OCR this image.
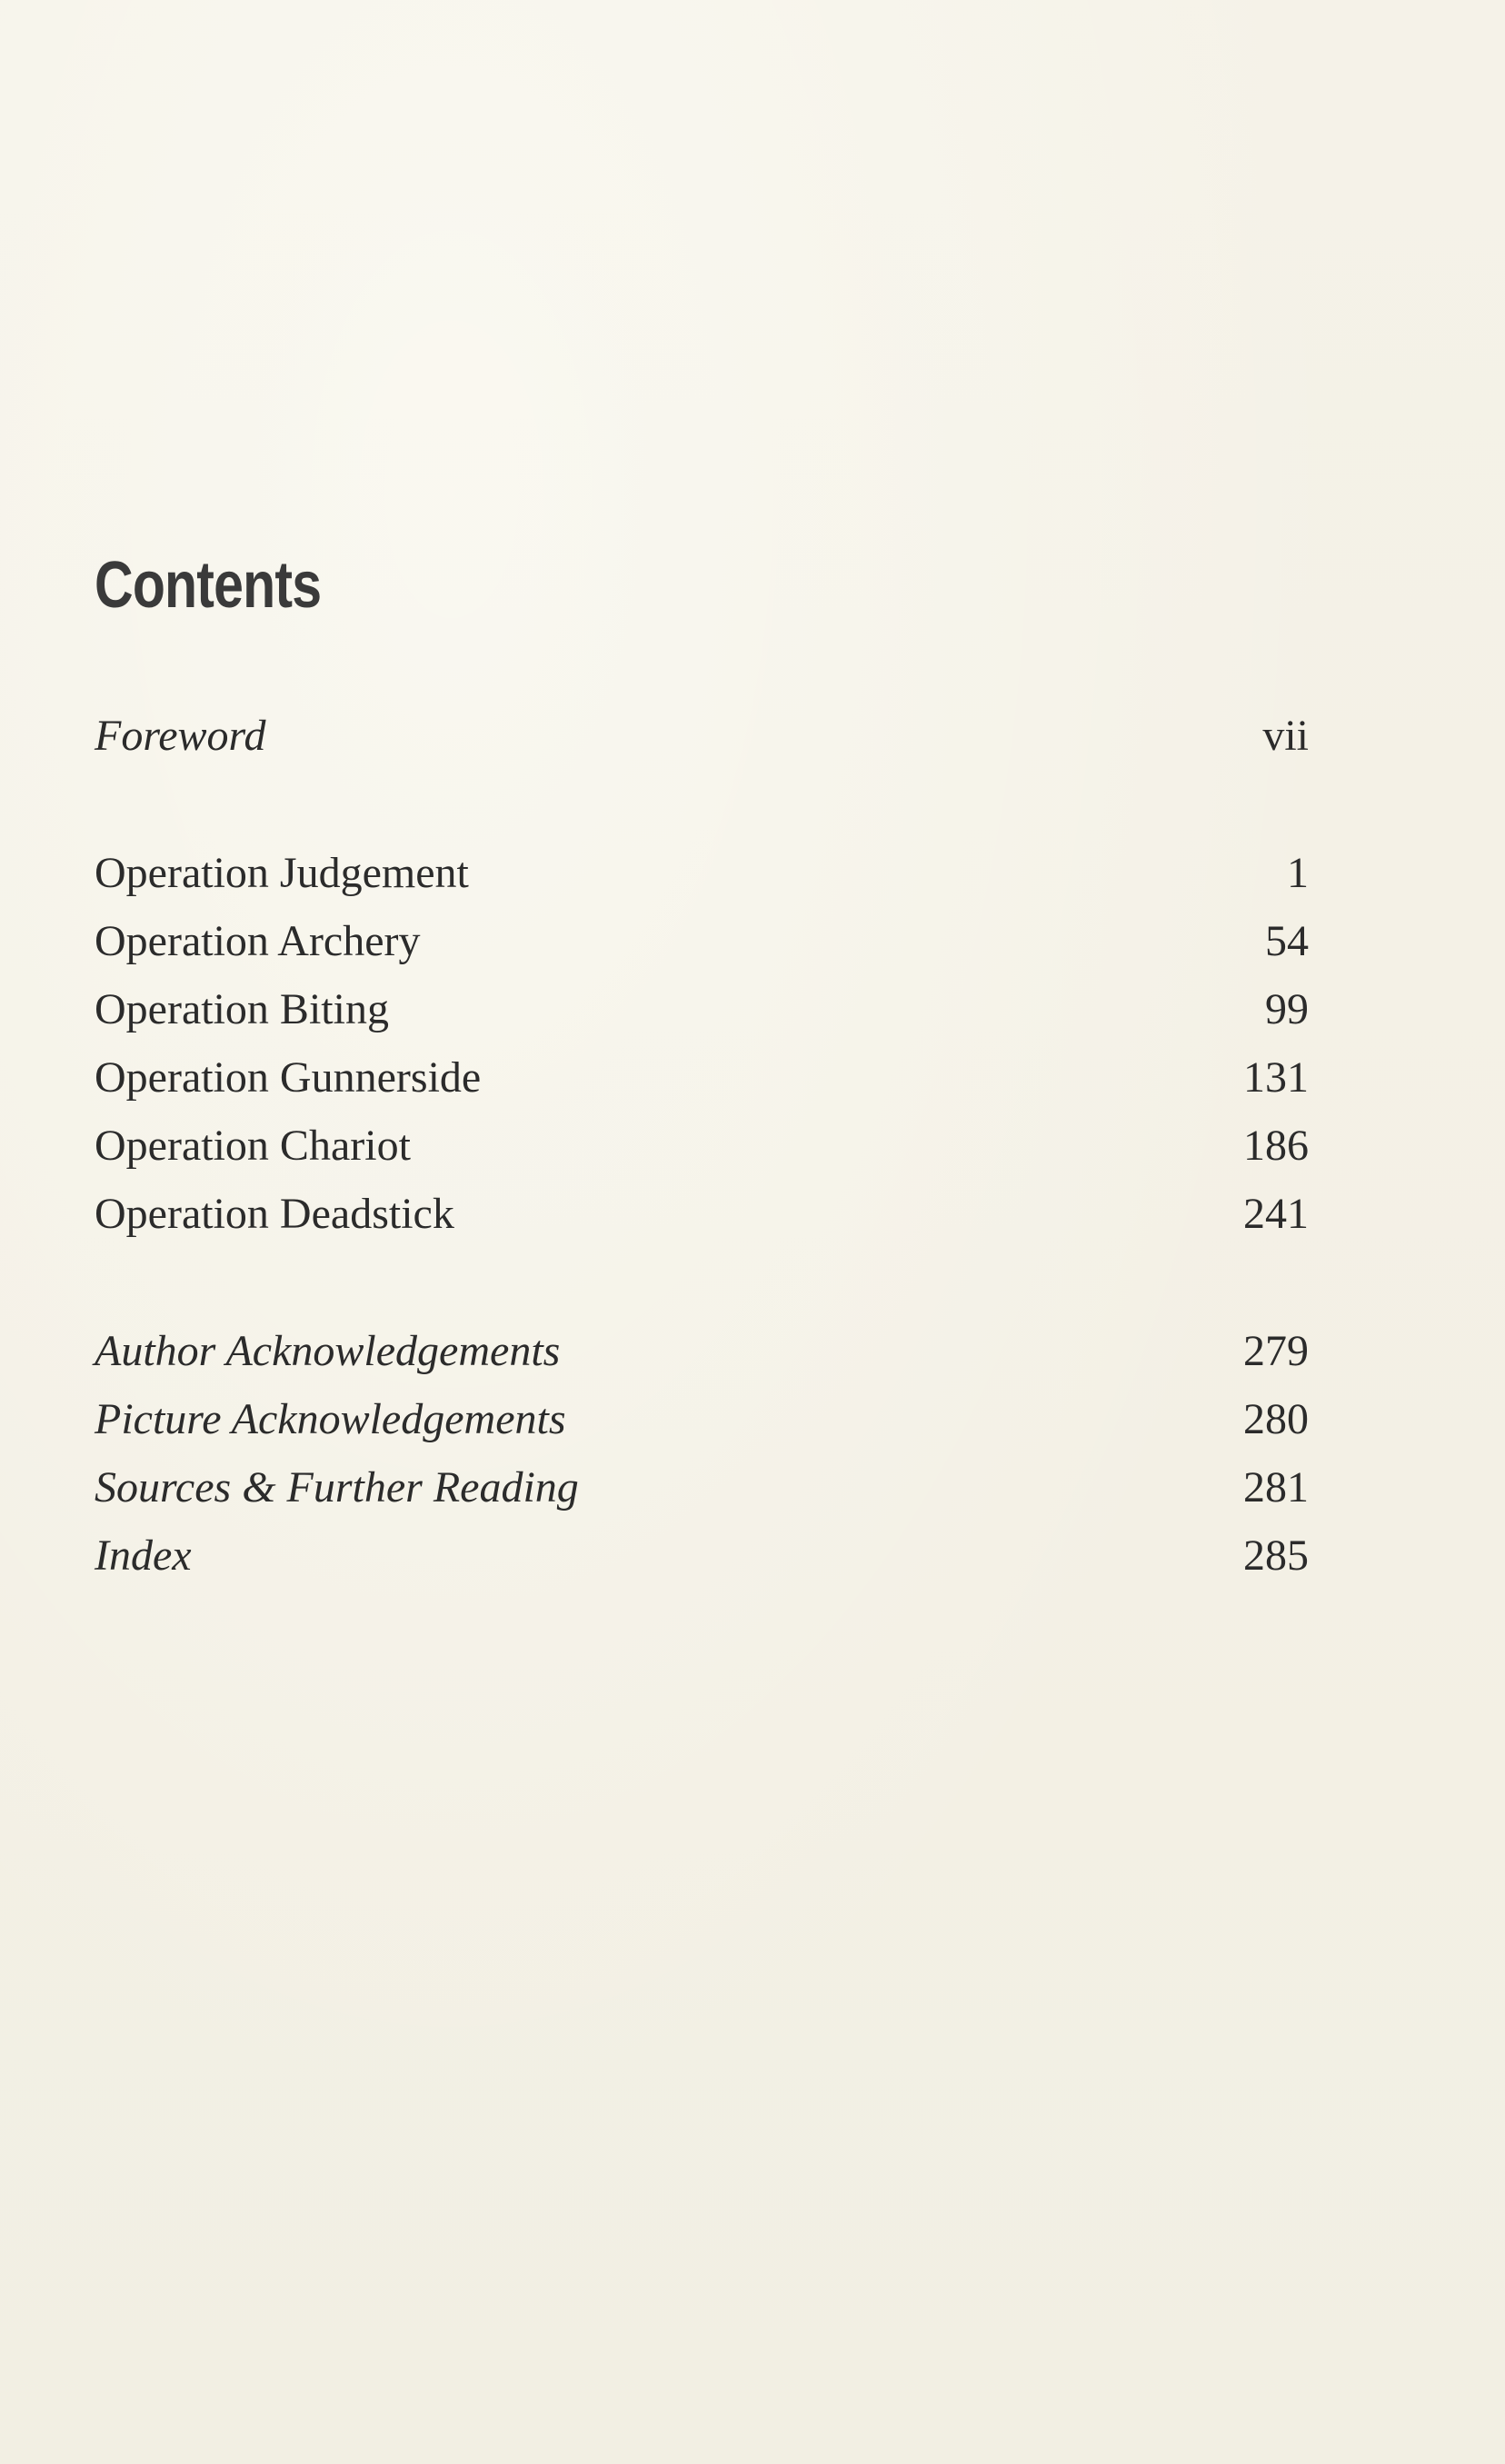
Contents
Foreword	vii
Operation Judgement	1
Operation Archery	54
Operation Biting	99
Operation Gunnerside	131
Operation Chariot	186
Operation Deadstick	241
Author Acknowledgements	279
Picture Acknowledgements	280
Sources & Further Reading	281
Index	285
